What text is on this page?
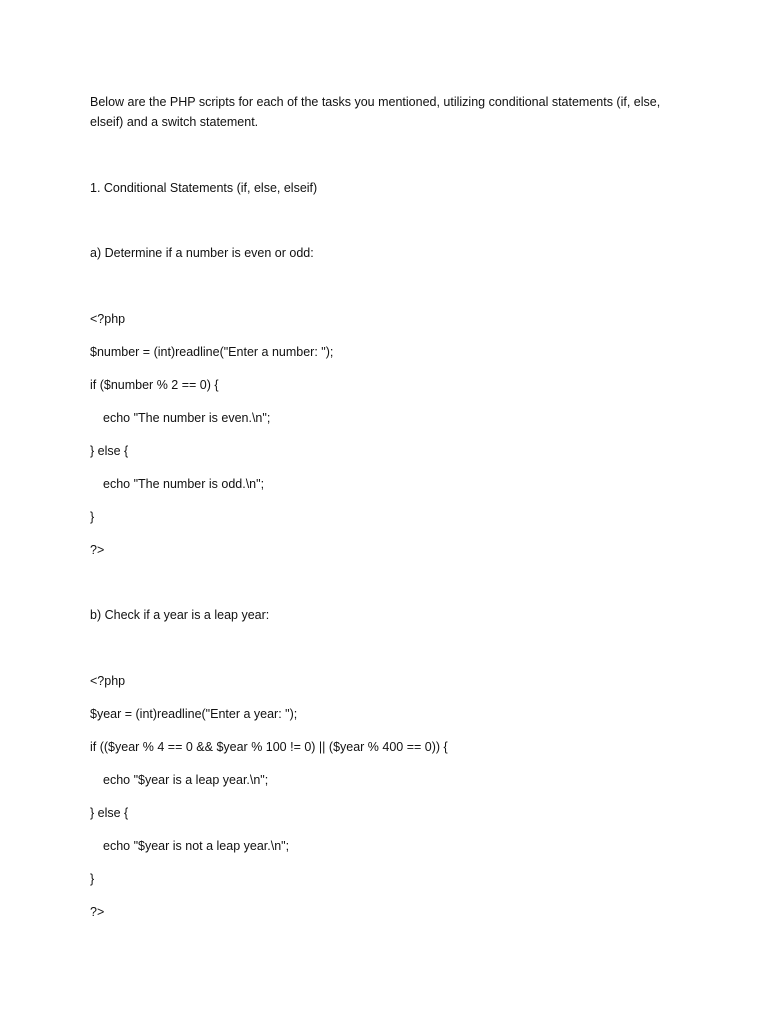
Below are the PHP scripts for each of the tasks you mentioned, utilizing conditional statements (if, else,
elseif) and a switch statement.
1. Conditional Statements (if, else, elseif)
a) Determine if a number is even or odd:
<?php
$number = (int)readline("Enter a number: ");
if ($number % 2 == 0) {
echo "The number is even.\n";
} else {
echo "The number is odd.\n";
}
?>
b) Check if a year is a leap year:
<?php
$year = (int)readline("Enter a year: ");
if (($year % 4 == 0 && $year % 100 != 0) || ($year % 400 == 0)) {
echo "$year is a leap year.\n";
} else {
echo "$year is not a leap year.\n";
}
?>
